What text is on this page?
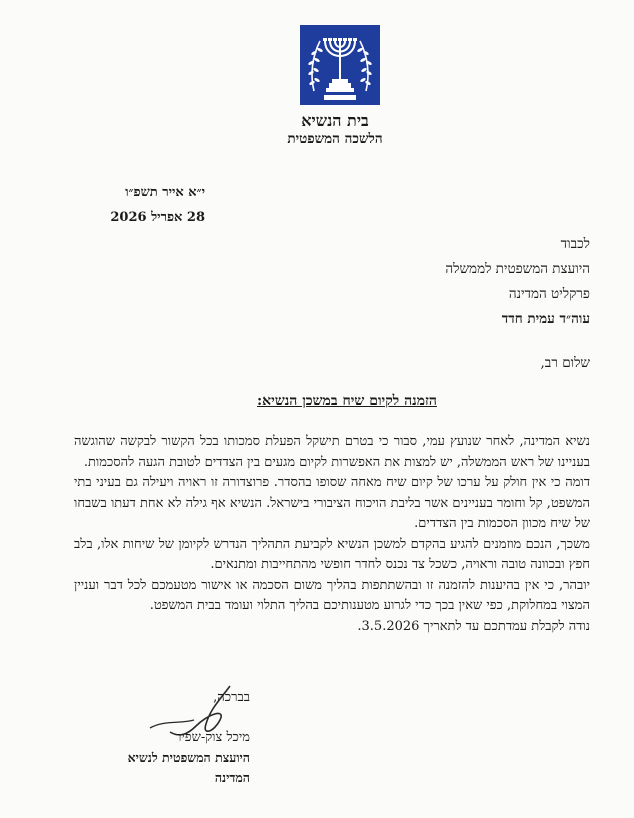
בית הנשיא
הלשכה המשפטית
י״א אייר תשפ״ו
28 אפריל 2026
לכבוד
היועצת המשפטית לממשלה
פרקליט המדינה
עוה״ד עמית חדד
שלום רב,
הזמנה לקיום שיח במשכן הנשיא:

נשיא המדינה, לאחר שנועץ עמי, סבור כי בטרם תישקל הפעלת סמכותו בכל הקשור לבקשה שהוגשה בעניינו של ראש הממשלה, יש למצות את האפשרות לקיום מגעים בין הצדדים לטובת הגעה להסכמות.

דומה כי אין חולק על ערכו של קיום שיח מאחה שסופו בהסדר. פרוצדורה זו ראויה ויעילה גם בעיני בתי המשפט, קל וחומר בעניינים אשר בליבת הויכוח הציבורי בישראל. הנשיא אף גילה לא אחת דעתו בשבחו של שיח מכוון הסכמות בין הצדדים.

משכך, הנכם מוזמנים להגיע בהקדם למשכן הנשיא לקביעת התהליך הנדרש לקיומן של שיחות אלו, בלב חפץ ובכוונה טובה וראויה, כשכל צד נכנס לחדר חופשי מהתחייבות ומתנאים.

יובהר, כי אין בהיענות להזמנה זו ובהשתתפות בהליך משום הסכמה או אישור מטעמכם לכל דבר ועניין המצוי במחלוקת, כפי שאין בכך כדי לגרוע מטענותיכם בהליך התלוי ועומד בבית המשפט.

נודה לקבלת עמדתכם עד לתאריך 3.5.2026.

בברכה,
מיכל צוק-שפיר
היועצת המשפטית לנשיא המדינה
